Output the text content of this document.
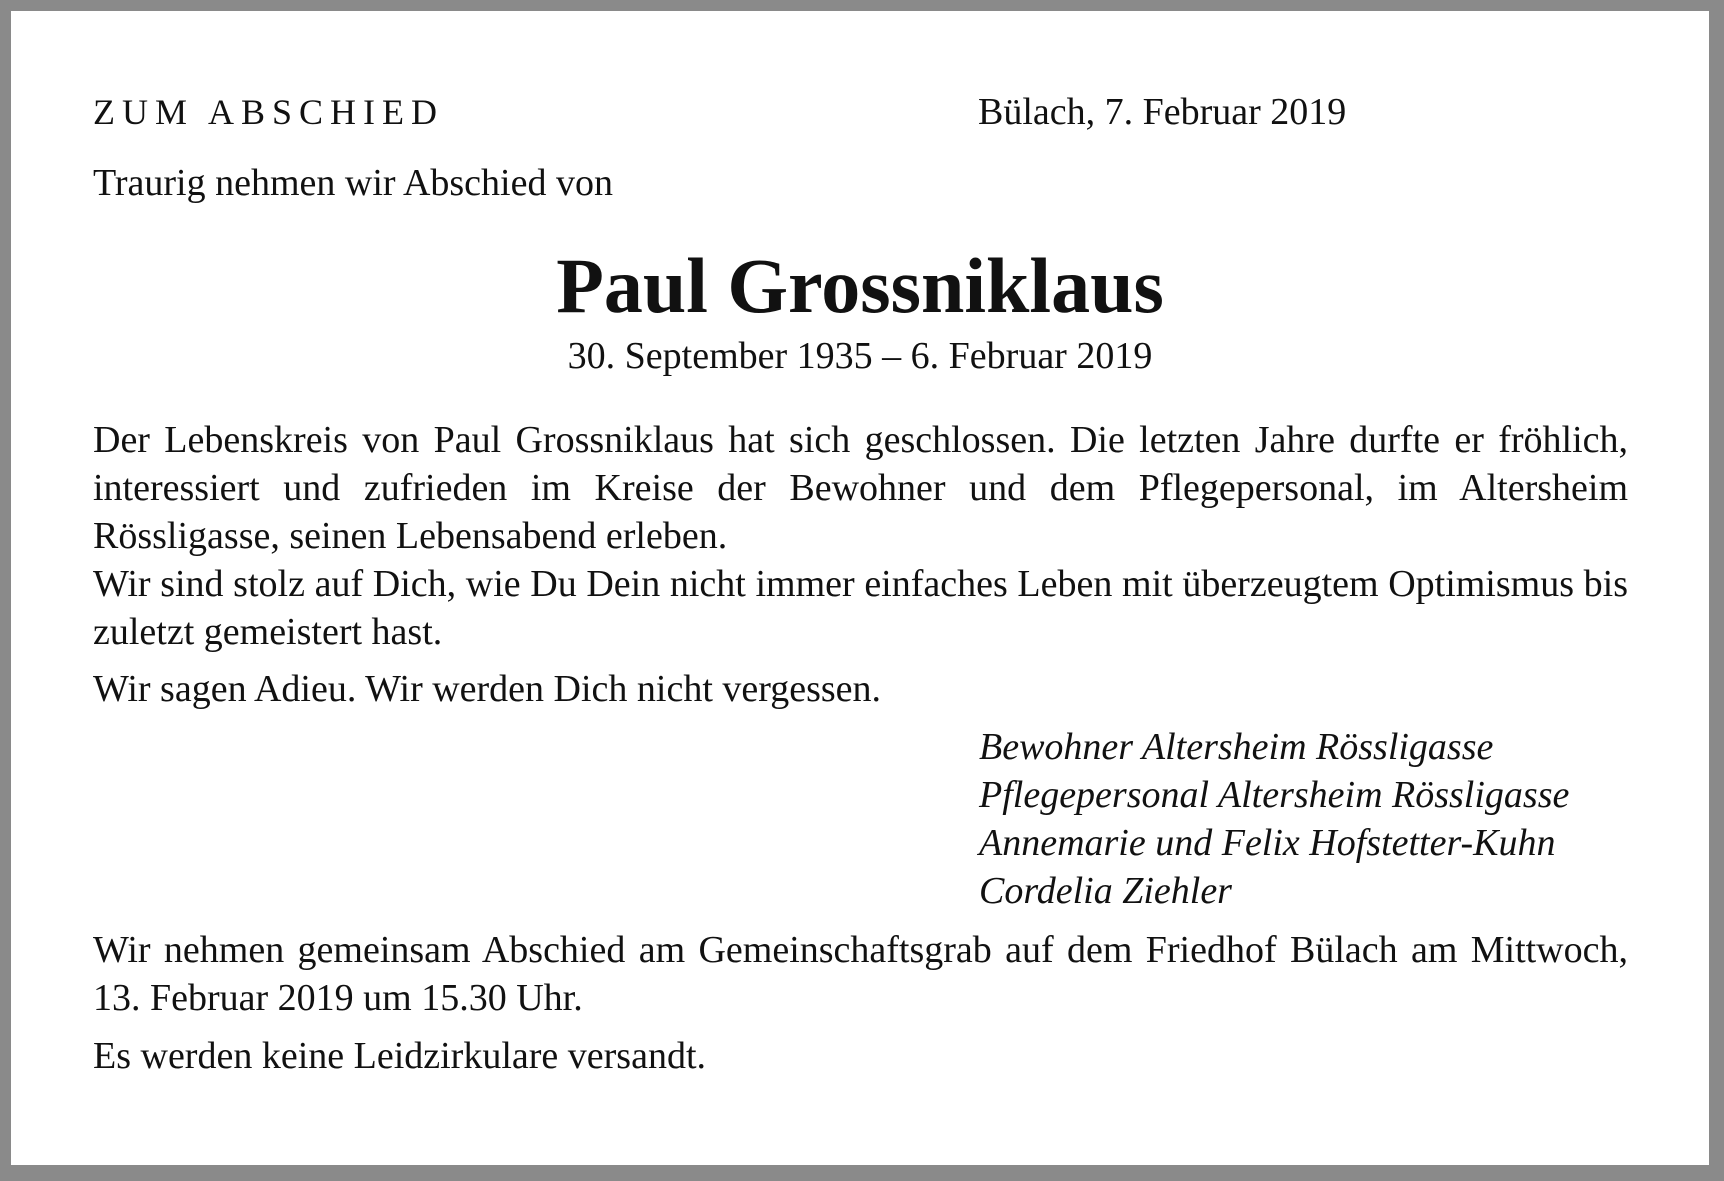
ZUM ABSCHIED	Bülach, 7. Februar 2019
Traurig nehmen wir Abschied von
Paul Grossniklaus
30. September 1935 – 6. Februar 2019
Der Lebenskreis von Paul Grossniklaus hat sich geschlossen. Die letzten Jahre durfte er fröhlich, interessiert und zufrieden im Kreise der Bewohner und dem Pflegepersonal, im Altersheim Rössligasse, seinen Lebensabend erleben.
Wir sind stolz auf Dich, wie Du Dein nicht immer einfaches Leben mit überzeugtem Optimismus bis zuletzt gemeistert hast.
Wir sagen Adieu. Wir werden Dich nicht vergessen.
Bewohner Altersheim Rössligasse
Pflegepersonal Altersheim Rössligasse
Annemarie und Felix Hofstetter-Kuhn
Cordelia Ziehler
Wir nehmen gemeinsam Abschied am Gemeinschaftsgrab auf dem Friedhof Bülach am Mittwoch, 13. Februar 2019 um 15.30 Uhr.
Es werden keine Leidzirkulare versandt.
